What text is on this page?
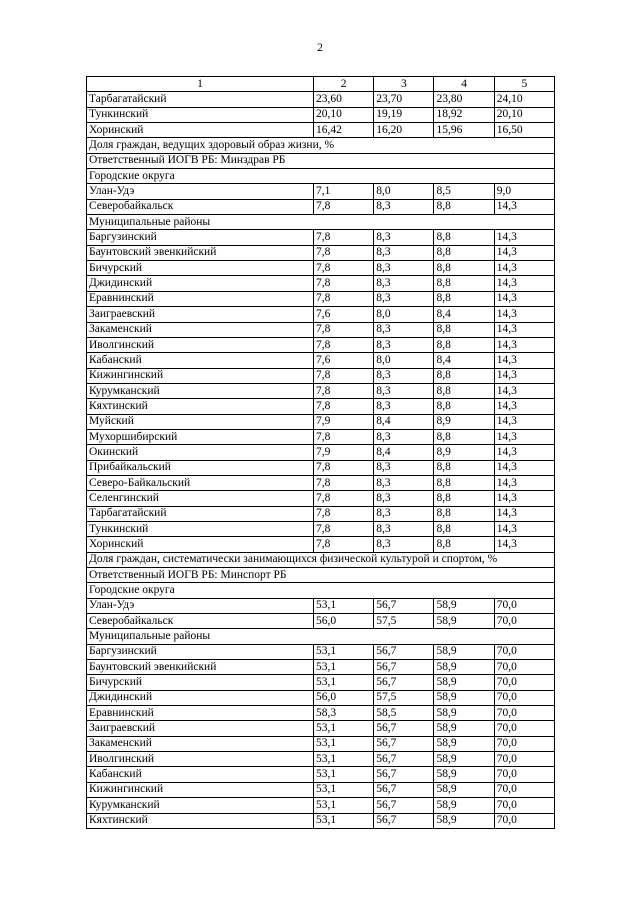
2
1	2	3	4	5
Тарбагатайский	23,60	23,70	23,80	24,10
Тункинский	20,10	19,19	18,92	20,10
Хоринский	16,42	16,20	15,96	16,50
Доля граждан, ведущих здоровый образ жизни, %				
Ответственный ИОГВ РБ: Минздрав РБ				
Городские округа				
Улан-Удэ	7,1	8,0	8,5	9,0
Северобайкальск	7,8	8,3	8,8	14,3
Муниципальные районы				
Баргузинский	7,8	8,3	8,8	14,3
Баунтовский эвенкийский	7,8	8,3	8,8	14,3
Бичурский	7,8	8,3	8,8	14,3
Джидинский	7,8	8,3	8,8	14,3
Еравнинский	7,8	8,3	8,8	14,3
Заиграевский	7,6	8,0	8,4	14,3
Закаменский	7,8	8,3	8,8	14,3
Иволгинский	7,8	8,3	8,8	14,3
Кабанский	7,6	8,0	8,4	14,3
Кижингинский	7,8	8,3	8,8	14,3
Курумканский	7,8	8,3	8,8	14,3
Кяхтинский	7,8	8,3	8,8	14,3
Муйский	7,9	8,4	8,9	14,3
Мухоршибирский	7,8	8,3	8,8	14,3
Окинский	7,9	8,4	8,9	14,3
Прибайкальский	7,8	8,3	8,8	14,3
Северо-Байкальский	7,8	8,3	8,8	14,3
Селенгинский	7,8	8,3	8,8	14,3
Тарбагатайский	7,8	8,3	8,8	14,3
Тункинский	7,8	8,3	8,8	14,3
Хоринский	7,8	8,3	8,8	14,3
Доля граждан, систематически занимающихся физической культурой и спортом, %				
Ответственный ИОГВ РБ: Минспорт РБ				
Городские округа				
Улан-Удэ	53,1	56,7	58,9	70,0
Северобайкальск	56,0	57,5	58,9	70,0
Муниципальные районы				
Баргузинский	53,1	56,7	58,9	70,0
Баунтовский эвенкийский	53,1	56,7	58,9	70,0
Бичурский	53,1	56,7	58,9	70,0
Джидинский	56,0	57,5	58,9	70,0
Еравнинский	58,3	58,5	58,9	70,0
Заиграевский	53,1	56,7	58,9	70,0
Закаменский	53,1	56,7	58,9	70,0
Иволгинский	53,1	56,7	58,9	70,0
Кабанский	53,1	56,7	58,9	70,0
Кижингинский	53,1	56,7	58,9	70,0
Курумканский	53,1	56,7	58,9	70,0
Кяхтинский	53,1	56,7	58,9	70,0
